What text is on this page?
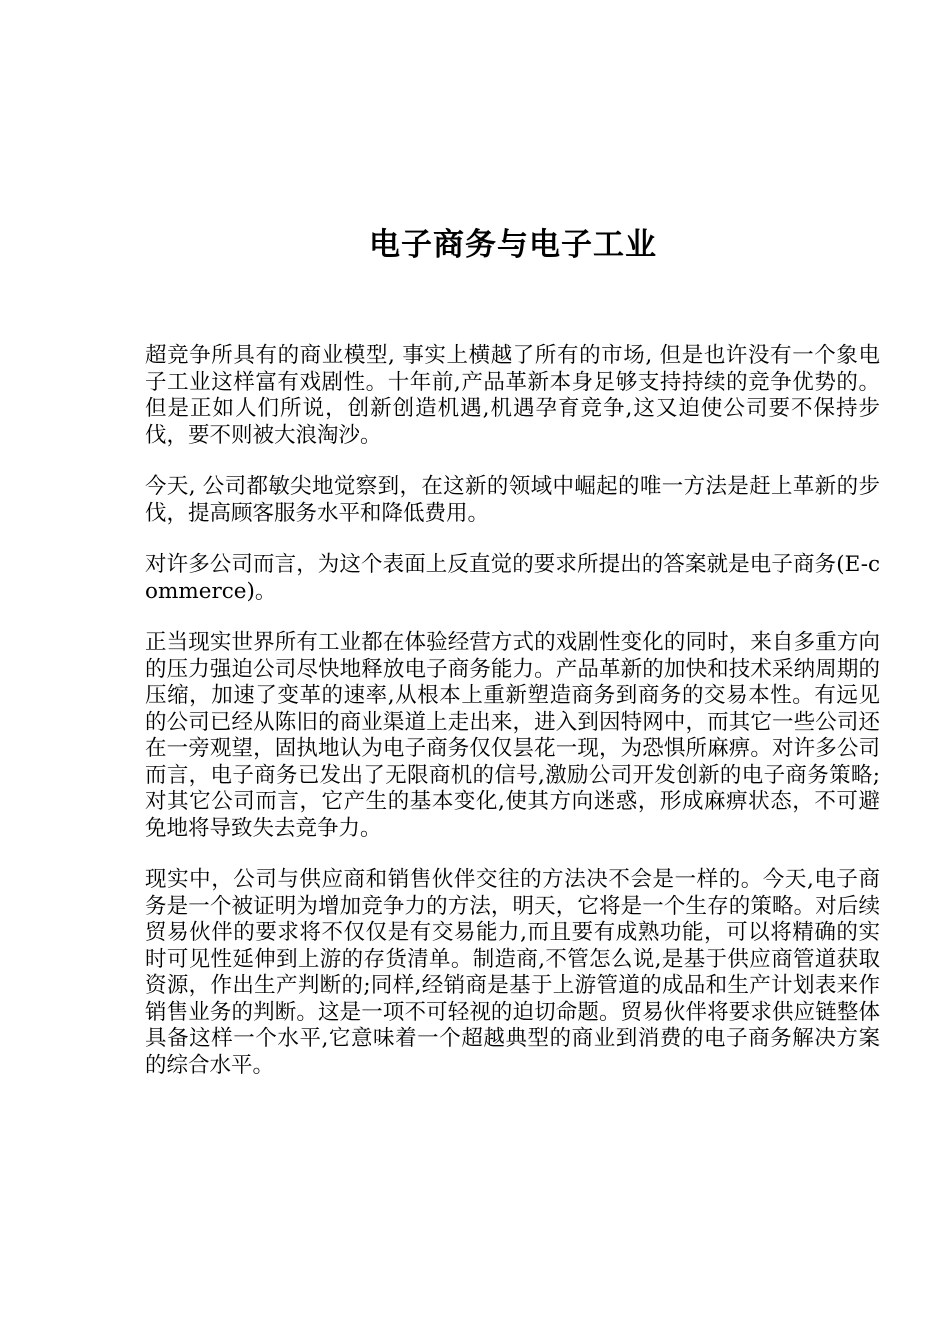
电子商务与电子工业

超竞争所具有的商业模型, 事实上横越了所有的市场, 但是也许没有一个象电子工业这样富有戏剧性。十年前,产品革新本身足够支持持续的竞争优势的。但是正如人们所说，创新创造机遇,机遇孕育竞争,这又迫使公司要不保持步伐，要不则被大浪淘沙。

今天, 公司都敏尖地觉察到，在这新的领域中崛起的唯一方法是赶上革新的步伐，提高顾客服务水平和降低费用。

对许多公司而言，为这个表面上反直觉的要求所提出的答案就是电子商务(E-commerce)。

正当现实世界所有工业都在体验经营方式的戏剧性变化的同时，来自多重方向的压力强迫公司尽快地释放电子商务能力。产品革新的加快和技术采纳周期的压缩，加速了变革的速率,从根本上重新塑造商务到商务的交易本性。有远见的公司已经从陈旧的商业渠道上走出来，进入到因特网中，而其它一些公司还在一旁观望，固执地认为电子商务仅仅昙花一现，为恐惧所麻痹。对许多公司而言，电子商务已发出了无限商机的信号,激励公司开发创新的电子商务策略;对其它公司而言，它产生的基本变化,使其方向迷惑，形成麻痹状态，不可避免地将导致失去竞争力。

现实中，公司与供应商和销售伙伴交往的方法决不会是一样的。今天,电子商务是一个被证明为增加竞争力的方法，明天，它将是一个生存的策略。对后续贸易伙伴的要求将不仅仅是有交易能力,而且要有成熟功能，可以将精确的实时可见性延伸到上游的存货清单。制造商,不管怎么说,是基于供应商管道获取资源，作出生产判断的;同样,经销商是基于上游管道的成品和生产计划表来作销售业务的判断。这是一项不可轻视的迫切命题。贸易伙伴将要求供应链整体具备这样一个水平,它意味着一个超越典型的商业到消费的电子商务解决方案的综合水平。
